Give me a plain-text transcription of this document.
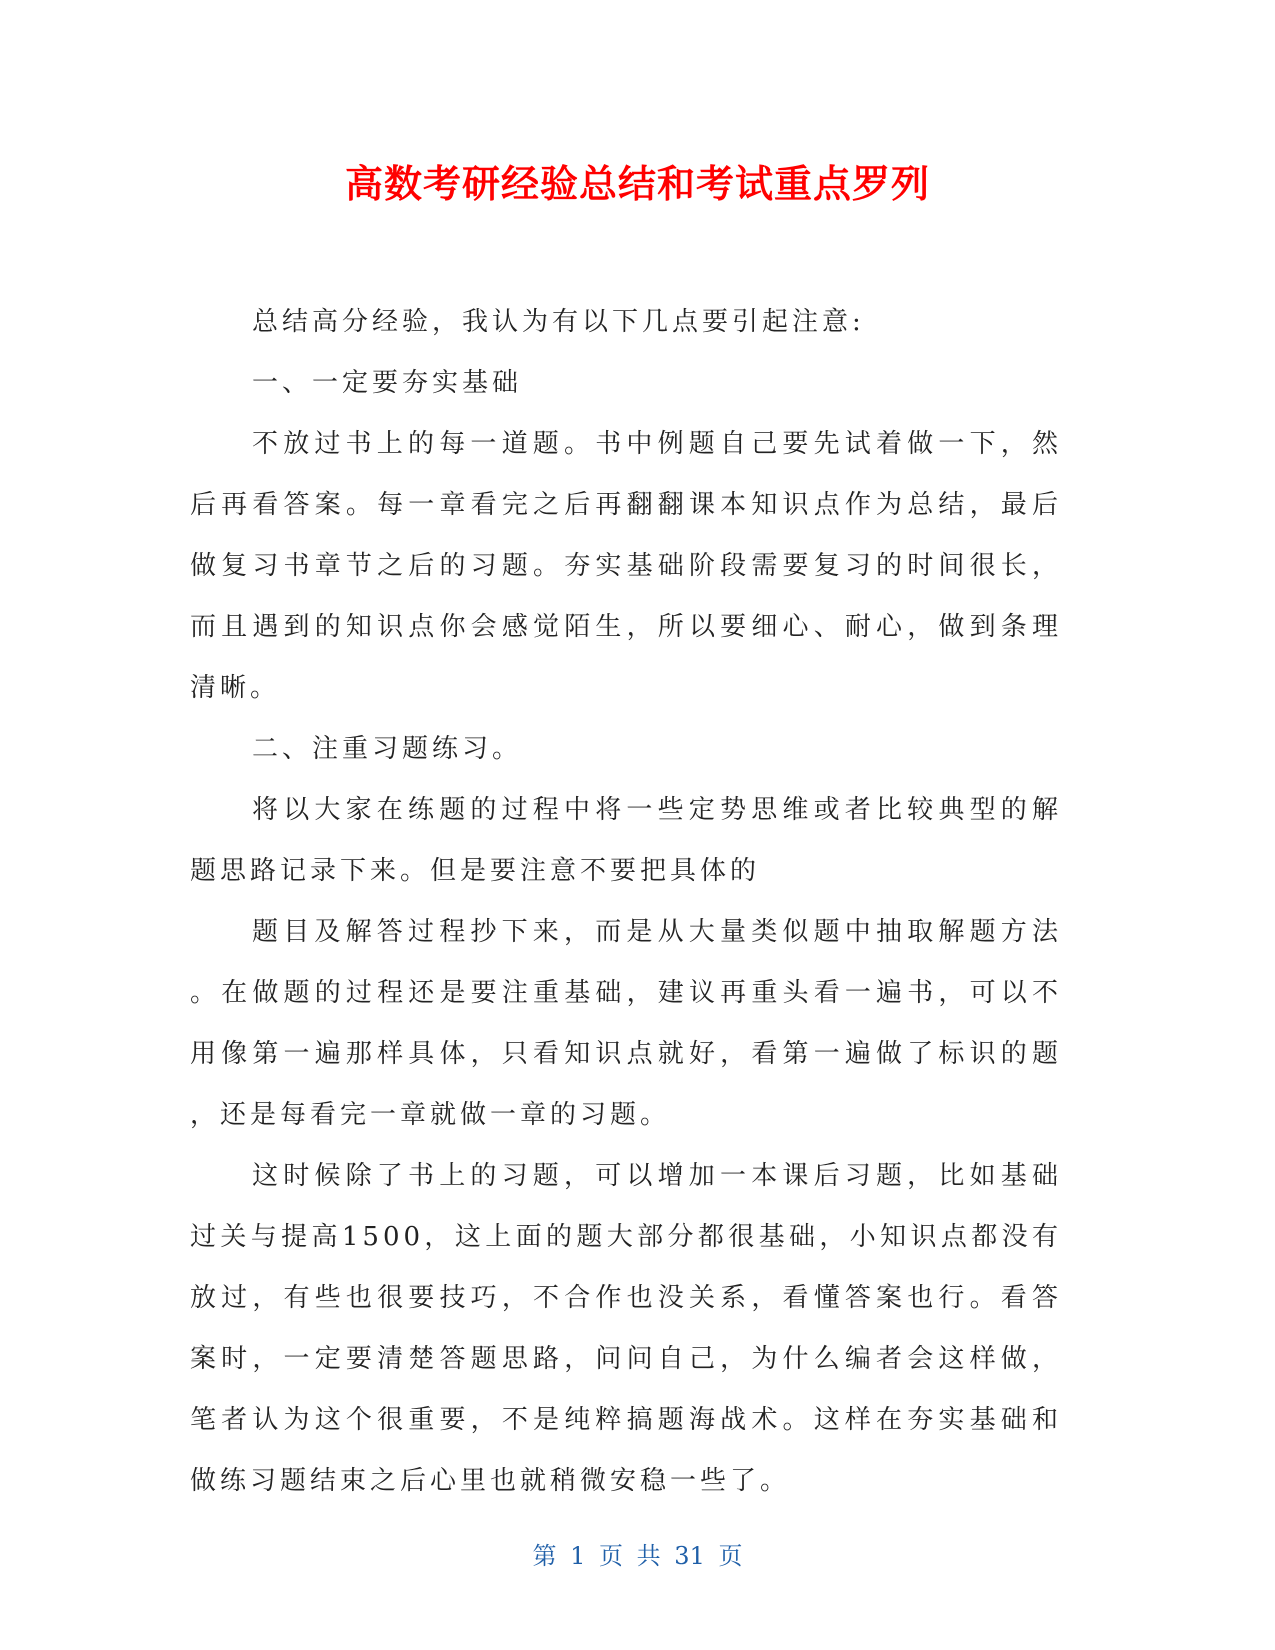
高数考研经验总结和考试重点罗列
总结高分经验，我认为有以下几点要引起注意:
一、一定要夯实基础
不放过书上的每一道题。书中例题自己要先试着做一下，然
后再看答案。每一章看完之后再翻翻课本知识点作为总结，最后
做复习书章节之后的习题。夯实基础阶段需要复习的时间很长，
而且遇到的知识点你会感觉陌生，所以要细心、耐心，做到条理
清晰。
二、注重习题练习。
将以大家在练题的过程中将一些定势思维或者比较典型的解
题思路记录下来。但是要注意不要把具体的
题目及解答过程抄下来，而是从大量类似题中抽取解题方法
。在做题的过程还是要注重基础，建议再重头看一遍书，可以不
用像第一遍那样具体，只看知识点就好，看第一遍做了标识的题
，还是每看完一章就做一章的习题。
这时候除了书上的习题，可以增加一本课后习题，比如基础
过关与提高1500，这上面的题大部分都很基础，小知识点都没有
放过，有些也很要技巧，不合作也没关系，看懂答案也行。看答
案时，一定要清楚答题思路，问问自己，为什么编者会这样做，
笔者认为这个很重要，不是纯粹搞题海战术。这样在夯实基础和
做练习题结束之后心里也就稍微安稳一些了。
第 1 页 共 31 页
